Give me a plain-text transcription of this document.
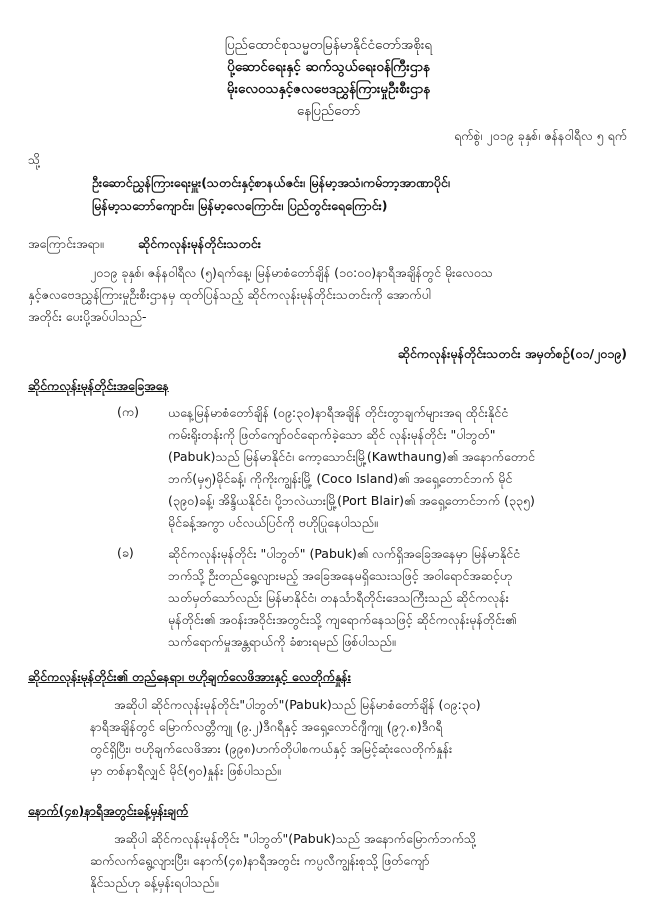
ပြည်ထောင်စုသမ္မတမြန်မာနိုင်ငံတော်အစိုးရ
ပို့ဆောင်ရေးနှင့် ဆက်သွယ်ရေးဝန်ကြီးဌာန
မိုးလေဝသနှင့်ဇလဗေဒညွှန်ကြားမှုဦးစီးဌာန
နေပြည်တော်
ရက်စွဲ၊ ၂၀၁၉ ခုနှစ်၊ ဇန်နဝါရီလ ၅ ရက်
သို့
ဦးဆောင်ညွှန်ကြားရေးမှူး(သတင်းနှင့်စာနယ်ဇင်း၊ မြန်မာ့အသံ၊ကမ်ဘာ့အာဏာပိုင်၊
မြန်မာ့သဘော်ကျောင်း၊ မြန်မာ့လေကြောင်း၊ ပြည်တွင်းရေကြောင်း)
အကြောင်းအရာ။	ဆိုင်ကလုန်းမုန်တိုင်းသတင်း
၂၀၁၉ ခုနှစ်၊ ဇန်နဝါရီလ (၅)ရက်နေ့၊ မြန်မာစံတော်ချိန် (၁၀:၀၀)နာရီအချိန်တွင် မိုးလေဝသ
နှင့်ဇလဗေဒညွှန်ကြားမှုဦးစီးဌာနမှ ထုတ်ပြန်သည့် ဆိုင်ကလုန်းမုန်တိုင်းသတင်းကို အောက်ပါ
အတိုင်း ပေးပို့အပ်ပါသည်-
ဆိုင်ကလုန်းမုန်တိုင်းသတင်း အမှတ်စဉ်(၀၁/၂၀၁၉)
ဆိုင်ကလုန်းမုန်တိုင်းအခြေအနေ
(က) ယနေ့မြန်မာစံတော်ချိန် (၀၉:၃၀)နာရီအချိန် တိုင်းတွာချက်များအရ ထိုင်းနိုင်ငံ
ကမ်းရိုးတန်းကို ဖြတ်ကျော်ဝင်ရောက်ခဲ့သော ဆိုင် လုန်းမုန်တိုင်း "ပါဘွတ်"
(Pabuk)သည် မြန်မာနိုင်ငံ၊ ကော့သောင်းမြို့(Kawthaung)၏ အနောက်တောင်
ဘက်(မှ၅)မိုင်ခန့်၊ ကိုကိုးကျွန်းမြို့ (Coco Island)၏ အရှေ့တောင်ဘက် မိုင်
(၃၉၀)ခန့်၊ အိန္ဒိယနိုင်ငံ၊ ပို့ဘလဲယားမြို့(Port Blair)၏ အရှေ့တောင်ဘက် (၃၃၅)
မိုင်ခန့်အကွာ ပင်လယ်ပြင်ကို ဗဟိုပြုနေပါသည်။
(ခ)	ဆိုင်ကလုန်းမုန်တိုင်း "ပါဘွတ်" (Pabuk)၏ လက်ရှိအခြေအနေမှာ မြန်မာနိုင်ငံ
ဘက်သို့ ဦးတည်ရွေ့လျားမည့် အခြေအနေမရှိသေးသဖြင့် အဝါရောင်အဆင့်ဟု
သတ်မှတ်သော်လည်း မြန်မာနိုင်ငံ၊ တနင်္သာရီတိုင်းဒေသကြီးသည် ဆိုင်ကလုန်း
မုန်တိုင်း၏ အဝန်းအဝိုင်းအတွင်းသို့ ကျရောက်နေသဖြင့် ဆိုင်ကလုန်းမုန်တိုင်း၏
သက်ရောက်မှုအန္တရာယ်ကို ခံစားရမည် ဖြစ်ပါသည်။
ဆိုင်ကလုန်းမုန်တိုင်း၏ တည်နေရာ၊ ဗဟိုချက်လေဖိအားနှင့် လေတိုက်နှုန်း
အဆိုပါ ဆိုင်ကလုန်းမုန်တိုင်း"ပါဘွတ်"(Pabuk)သည် မြန်မာစံတော်ချိန် (၀၉:၃၀)
နာရီအချိန်တွင် မြောက်လတ္တီကျု (၉.၂)ဒီဂရီနှင့် အရှေ့လောင်ဂျီကျု (၉၇.၈)ဒီဂရီ
တွင်ရှိပြီး၊ ဗဟိုချက်လေဖိအား (၉၉၈)ဟက်တိုပါစကယ်နှင့် အမြင့်ဆုံးလေတိုက်နှုန်း
မှာ တစ်နာရီလျှင် မိုင်(၅၀)နှုန်း ဖြစ်ပါသည်။
နောက်(၄၈)နာရီအတွင်းခန့်မှန်းချက်
အဆိုပါ ဆိုင်ကလုန်းမုန်တိုင်း "ပါဘွတ်"(Pabuk)သည် အနောက်မြောက်ဘက်သို့
ဆက်လက်ရွေ့လျားပြီး၊ နောက်(၄၈)နာရီအတွင်း ကပ္ပလီကျွန်းစုသို့ ဖြတ်ကျော်
နိုင်သည်ဟု ခန့်မှန်းရပါသည်။
